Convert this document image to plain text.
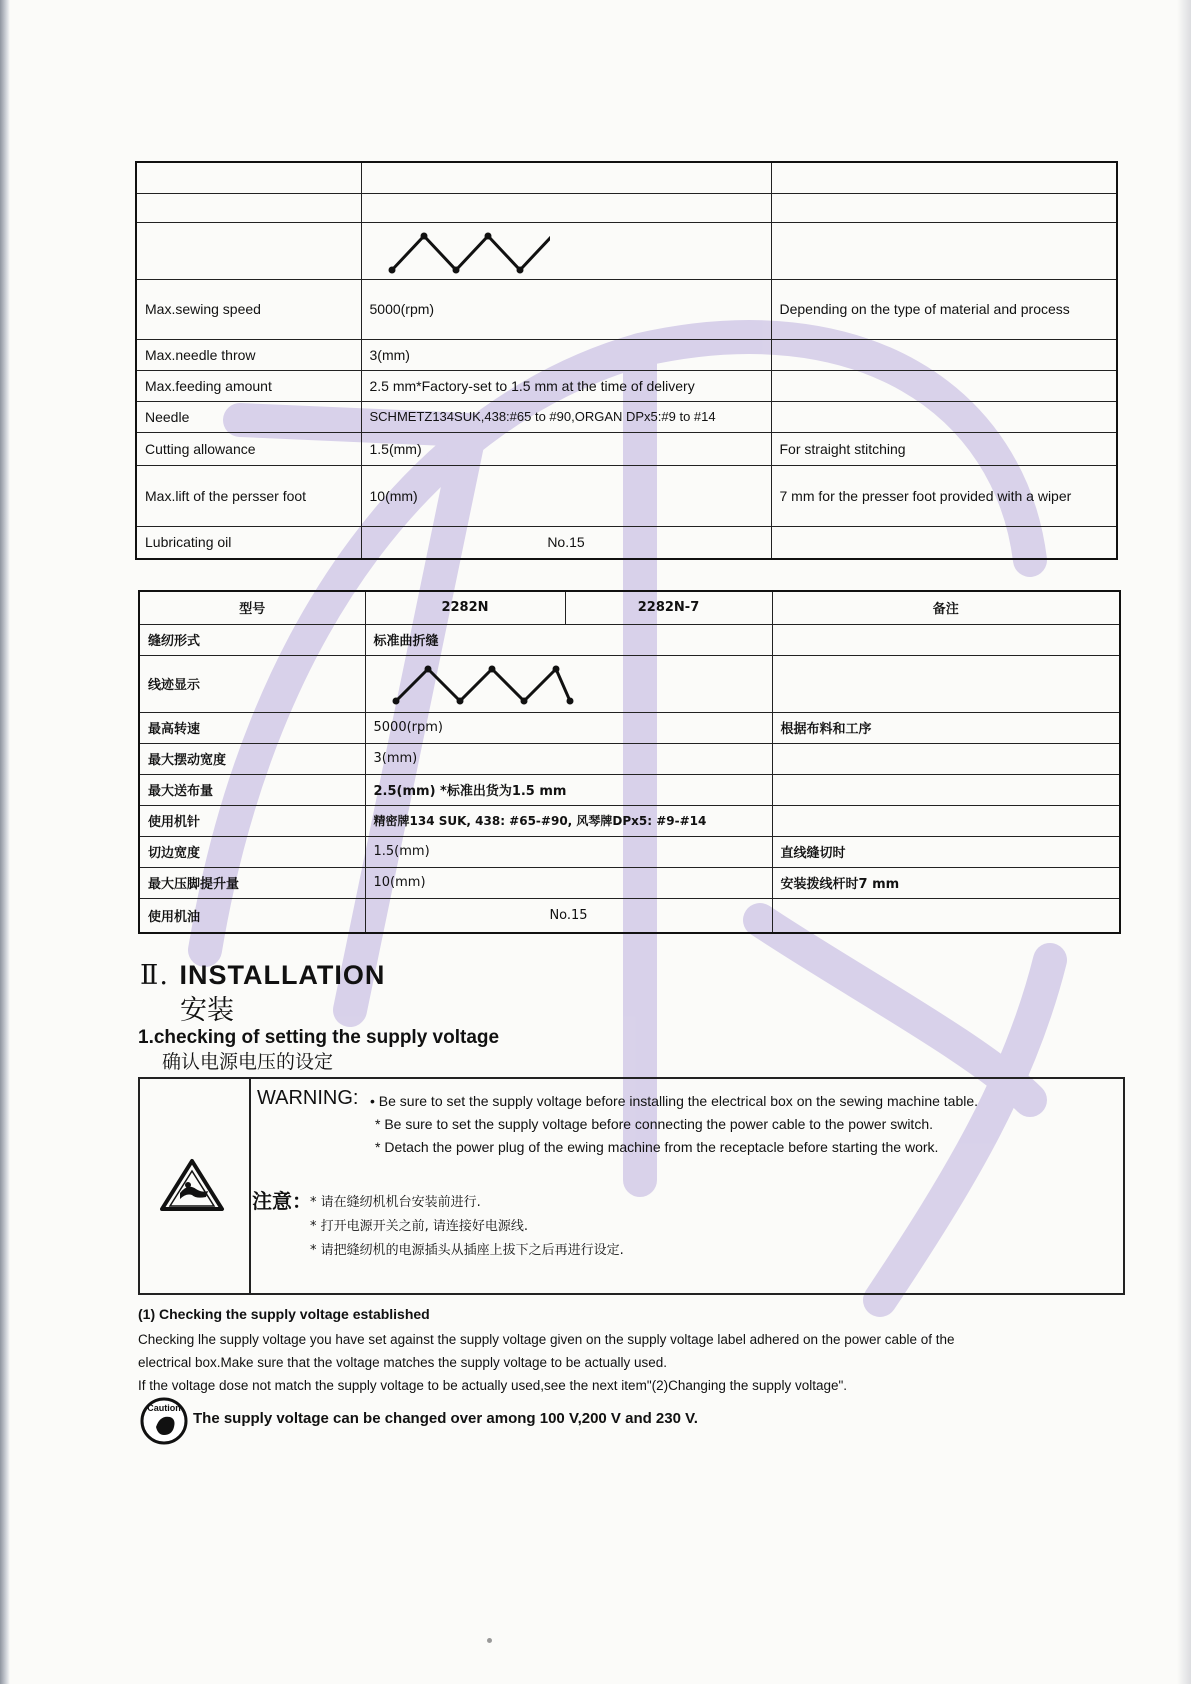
Max.sewing speed	5000(rpm)	Depending on the type of material and process
Max.needle throw	3(mm)	
Max.feeding amount	2.5 mm*Factory-set to 1.5 mm at the time of delivery	
Needle	SCHMETZ134SUK,438:#65 to #90,ORGAN DPx5:#9 to #14	
Cutting allowance	1.5(mm)	For straight stitching
Max.lift of the persser foot	10(mm)	7 mm for the presser foot provided with a wiper
Lubricating oil	No.15	
型号	2282N	2282N-7	备注
缝纫形式	标准曲折缝		
线迹显示	

最高转速	5000(rpm)		根据布料和工序
最大摆动宽度	3(mm)		
最大送布量	2.5(mm) *标准出货为1.5 mm		
使用机针	精密牌134 SUK, 438: #65-#90, 风琴牌DPx5: #9-#14		
切边宽度	1.5(mm)		直线缝切时
最大压脚提升量	10(mm)		安装拨线杆时7 mm
使用机油	No.15		
Ⅱ. INSTALLATION
安装
1.checking of setting the supply voltage
确认电源电压的设定
WARNING: • Be sure to set the supply voltage before installing the electrical box on the sewing machine table.
* Be sure to set the supply voltage before connecting the power cable to the power switch.
* Detach the power plug of the ewing machine from the receptacle before starting the work.
注意：
* 请在缝纫机机台安装前进行.
* 打开电源开关之前, 请连接好电源线.
* 请把缝纫机的电源插头从插座上拔下之后再进行设定.
(1) Checking the supply voltage established
Checking lhe supply voltage you have set against the supply voltage given on the supply voltage label adhered on the power cable of the
electrical box.Make sure that the voltage matches the supply voltage to be actually used.
If the voltage dose not match the supply voltage to be actually used,see the next item"(2)Changing the supply voltage".
Caution
The supply voltage can be changed over among 100 V,200 V and 230 V.
